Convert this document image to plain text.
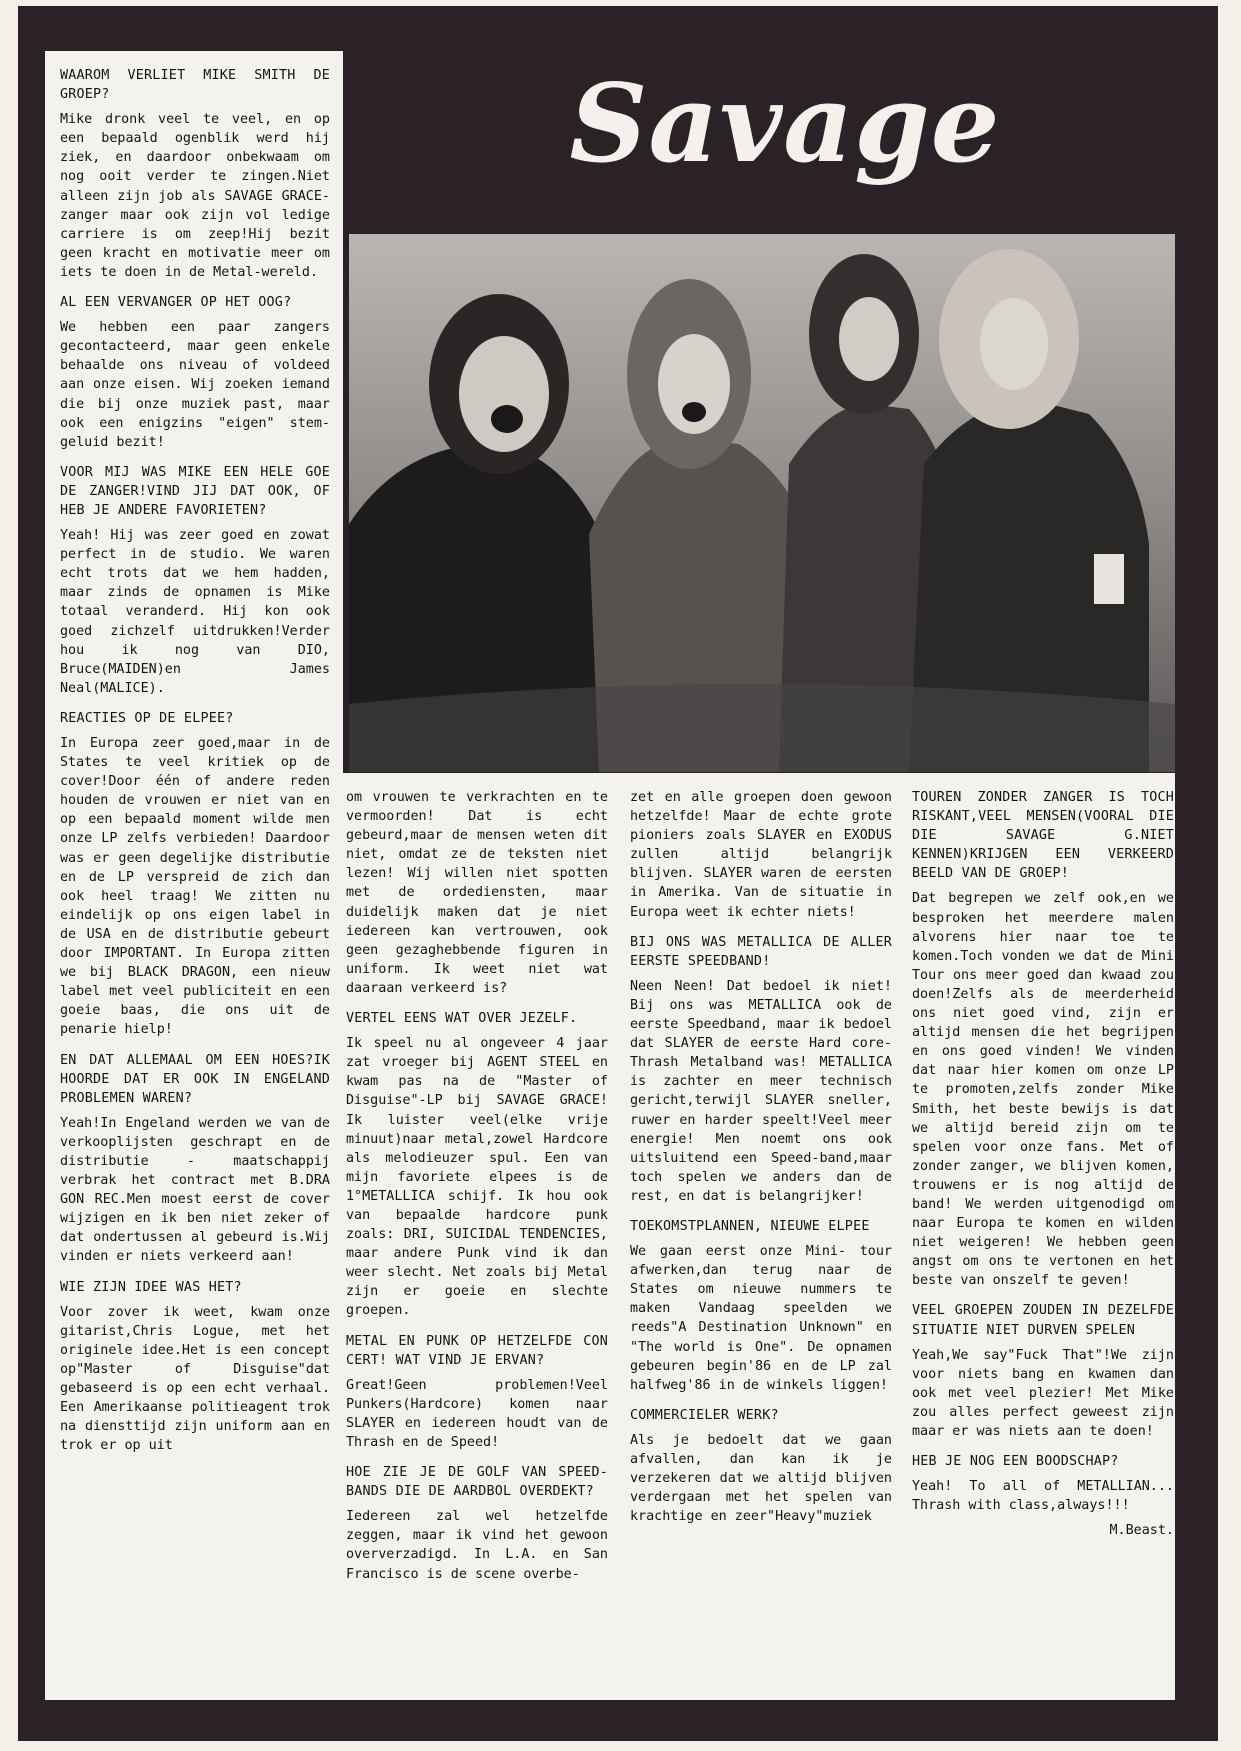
Savage
WAAROM VERLIET MIKE SMITH DE GROEP?

Mike dronk veel te veel, en op een bepaald ogenblik werd hij ziek, en daardoor onbekwaam om nog ooit verder te zingen.Niet alleen zijn job als SAVAGE GRACE-zanger maar ook zijn vol ledige carriere is om zeep!Hij bezit geen kracht en motivatie meer om iets te doen in de Metal-wereld.

AL EEN VERVANGER OP HET OOG?

We hebben een paar zangers gecontacteerd, maar geen enkele behaalde ons niveau of voldeed aan onze eisen. Wij zoeken iemand die bij onze muziek past, maar ook een enigzins "eigen" stem-geluid bezit!

VOOR MIJ WAS MIKE EEN HELE GOE DE ZANGER!VIND JIJ DAT OOK, OF HEB JE ANDERE FAVORIETEN?

Yeah! Hij was zeer goed en zowat perfect in de studio. We waren echt trots dat we hem hadden, maar zinds de opnamen is Mike totaal veranderd. Hij kon ook goed zichzelf uitdrukken!Verder hou ik nog van DIO, Bruce(MAIDEN)en James Neal(MALICE).

REACTIES OP DE ELPEE?

In Europa zeer goed,maar in de States te veel kritiek op de cover!Door één of andere reden houden de vrouwen er niet van en op een bepaald moment wilde men onze LP zelfs verbieden! Daardoor was er geen degelijke distributie en de LP verspreid de zich dan ook heel traag! We zitten nu eindelijk op ons eigen label in de USA en de distributie gebeurt door IMPORTANT. In Europa zitten we bij BLACK DRAGON, een nieuw label met veel publiciteit en een goeie baas, die ons uit de penarie hielp!

EN DAT ALLEMAAL OM EEN HOES?IK HOORDE DAT ER OOK IN ENGELAND PROBLEMEN WAREN?

Yeah!In Engeland werden we van de verkooplijsten geschrapt en de distributie - maatschappij verbrak het contract met B.DRA GON REC.Men moest eerst de cover wijzigen en ik ben niet zeker of dat ondertussen al gebeurd is.Wij vinden er niets verkeerd aan!

WIE ZIJN IDEE WAS HET?

Voor zover ik weet, kwam onze gitarist,Chris Logue, met het originele idee.Het is een concept op"Master of Disguise"dat gebaseerd is op een echt verhaal. Een Amerikaanse politieagent trok na diensttijd zijn uniform aan en trok er op uit

om vrouwen te verkrachten en te vermoorden! Dat is echt gebeurd,maar de mensen weten dit niet, omdat ze de teksten niet lezen! Wij willen niet spotten met de ordediensten, maar duidelijk maken dat je niet iedereen kan vertrouwen, ook geen gezaghebbende figuren in uniform. Ik weet niet wat daaraan verkeerd is?

VERTEL EENS WAT OVER JEZELF.

Ik speel nu al ongeveer 4 jaar zat vroeger bij AGENT STEEL en kwam pas na de "Master of Disguise"-LP bij SAVAGE GRACE! Ik luister veel(elke vrije minuut)naar metal,zowel Hardcore als melodieuzer spul. Een van mijn favoriete elpees is de 1°METALLICA schijf. Ik hou ook van bepaalde hardcore punk zoals: DRI, SUICIDAL TENDENCIES, maar andere Punk vind ik dan weer slecht. Net zoals bij Metal zijn er goeie en slechte groepen.

METAL EN PUNK OP HETZELFDE CON CERT! WAT VIND JE ERVAN?

Great!Geen problemen!Veel Punkers(Hardcore) komen naar SLAYER en iedereen houdt van de Thrash en de Speed!

HOE ZIE JE DE GOLF VAN SPEED-BANDS DIE DE AARDBOL OVERDEKT?

Iedereen zal wel hetzelfde zeggen, maar ik vind het gewoon oververzadigd. In L.A. en San Francisco is de scene overbe-

zet en alle groepen doen gewoon hetzelfde! Maar de echte grote pioniers zoals SLAYER en EXODUS zullen altijd belangrijk blijven. SLAYER waren de eersten in Amerika. Van de situatie in Europa weet ik echter niets!

BIJ ONS WAS METALLICA DE ALLER EERSTE SPEEDBAND!

Neen Neen! Dat bedoel ik niet! Bij ons was METALLICA ook de eerste Speedband, maar ik bedoel dat SLAYER de eerste Hard core-Thrash Metalband was! METALLICA is zachter en meer technisch gericht,terwijl SLAYER sneller, ruwer en harder speelt!Veel meer energie! Men noemt ons ook uitsluitend een Speed-band,maar toch spelen we anders dan de rest, en dat is belangrijker!

TOEKOMSTPLANNEN, NIEUWE ELPEE

We gaan eerst onze Mini- tour afwerken,dan terug naar de States om nieuwe nummers te maken Vandaag speelden we reeds"A Destination Unknown" en "The world is One". De opnamen gebeuren begin'86 en de LP zal halfweg'86 in de winkels liggen!

COMMERCIELER WERK?

Als je bedoelt dat we gaan afvallen, dan kan ik je verzekeren dat we altijd blijven verdergaan met het spelen van krachtige en zeer"Heavy"muziek

TOUREN ZONDER ZANGER IS TOCH RISKANT,VEEL MENSEN(VOORAL DIE DIE SAVAGE G.NIET KENNEN)KRIJGEN EEN VERKEERD BEELD VAN DE GROEP!

Dat begrepen we zelf ook,en we besproken het meerdere malen alvorens hier naar toe te komen.Toch vonden we dat de Mini Tour ons meer goed dan kwaad zou doen!Zelfs als de meerderheid ons niet goed vind, zijn er altijd mensen die het begrijpen en ons goed vinden! We vinden dat naar hier komen om onze LP te promoten,zelfs zonder Mike Smith, het beste bewijs is dat we altijd bereid zijn om te spelen voor onze fans. Met of zonder zanger, we blijven komen, trouwens er is nog altijd de band! We werden uitgenodigd om naar Europa te komen en wilden niet weigeren! We hebben geen angst om ons te vertonen en het beste van onszelf te geven!

VEEL GROEPEN ZOUDEN IN DEZELFDE SITUATIE NIET DURVEN SPELEN

Yeah,We say"Fuck That"!We zijn voor niets bang en kwamen dan ook met veel plezier! Met Mike zou alles perfect geweest zijn maar er was niets aan te doen!

HEB JE NOG EEN BOODSCHAP?

Yeah! To all of METALLIAN... Thrash with class,always!!!

M.Beast.
